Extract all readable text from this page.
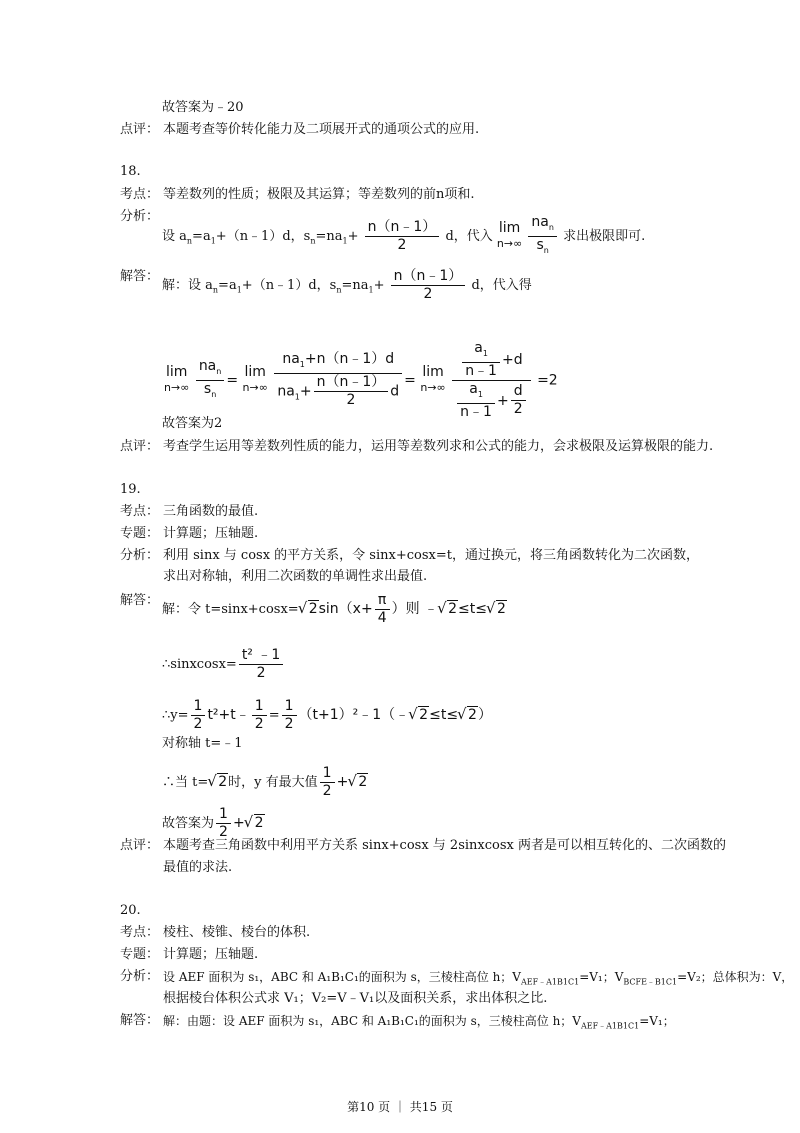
故答案为﹣20
点评： 本题考查等价转化能力及二项展开式的通项公式的应用.
18.
考点： 等差数列的性质；极限及其运算；等差数列的前n项和.
分析：
设 $a_n=a_1+(n﹣1)d$，$s_n=na_1+ \frac{n(n﹣1)}{2}$ d，代入 lim
n→∞
$\frac{na_n}{s_n}$ 求出极限即可.
解答：
解：设 $a_n=a_1+(n﹣1)d$，$s_n=na_1+ \frac{n(n﹣1)}{2}$ d，代入得
lim
n→∞
$\frac{na_n}{s_n} = \lim$
n→∞
$\frac{na_1+n(n﹣1)d}{na_1+ \frac{n(n﹣1)}{2} d} = \lim$
n→∞
$\frac{\frac{a_1}{n﹣1} +d}{\frac{a_1}{n﹣1} + \frac{d}{2}} =2$
故答案为2
点评： 考查学生运用等差数列性质的能力，运用等差数列求和公式的能力，会求极限及运算极限的能力.
19.
考点： 三角函数的最值.
专题： 计算题；压轴题.
分析： 利用 sinx 与 cosx 的平方关系，令 sinx+cosx=t，通过换元，将三角函数转化为二次函数，
求出对称轴，利用二次函数的单调性求出最值.
解答：
解：令 t=sinx+cosx= √ $2\sin(x+ \frac{\pi}{4}$ ）则 ﹣ √ 2≤t≤ √ 2
∴sinxcosx= $\frac{\text{t² ﹣1}}{2}$
∴y= $\frac{1}{2}$ t²+t﹣ $\frac{1}{2} = \frac{1}{2}$ （t+1）²﹣1（﹣ √ 2≤t≤ √ 2）
对称轴 t=﹣1
∴当 t= √ 2时，y 有最大值 $\frac{1}{2}$ + √ 2
故答案为 $\frac{1}{2}$ + √ 2
点评： 本题考查三角函数中利用平方关系 sinx+cosx 与 2sinxcosx 两者是可以相互转化的、二次函数的
最值的求法.
20.
考点： 棱柱、棱锥、棱台的体积.
专题： 计算题；压轴题.
分析： 设 AEF 面积为 s₁，ABC 和 A₁B₁C₁的面积为 s，三棱柱高位 h；$V_{AEF﹣A1B1C1}=V_1$；$V_{BCFE﹣B1C1}=V_2$；总体积为：V，
根据棱台体积公式求 V₁；V₂=V﹣V₁以及面积关系，求出体积之比.
解答： 解：由题：设 AEF 面积为 s₁，ABC 和 A₁B₁C₁的面积为 s，三棱柱高位 h；$V_{AEF﹣A1B1C1}=V_1$；
第10 页 ｜ 共15 页
